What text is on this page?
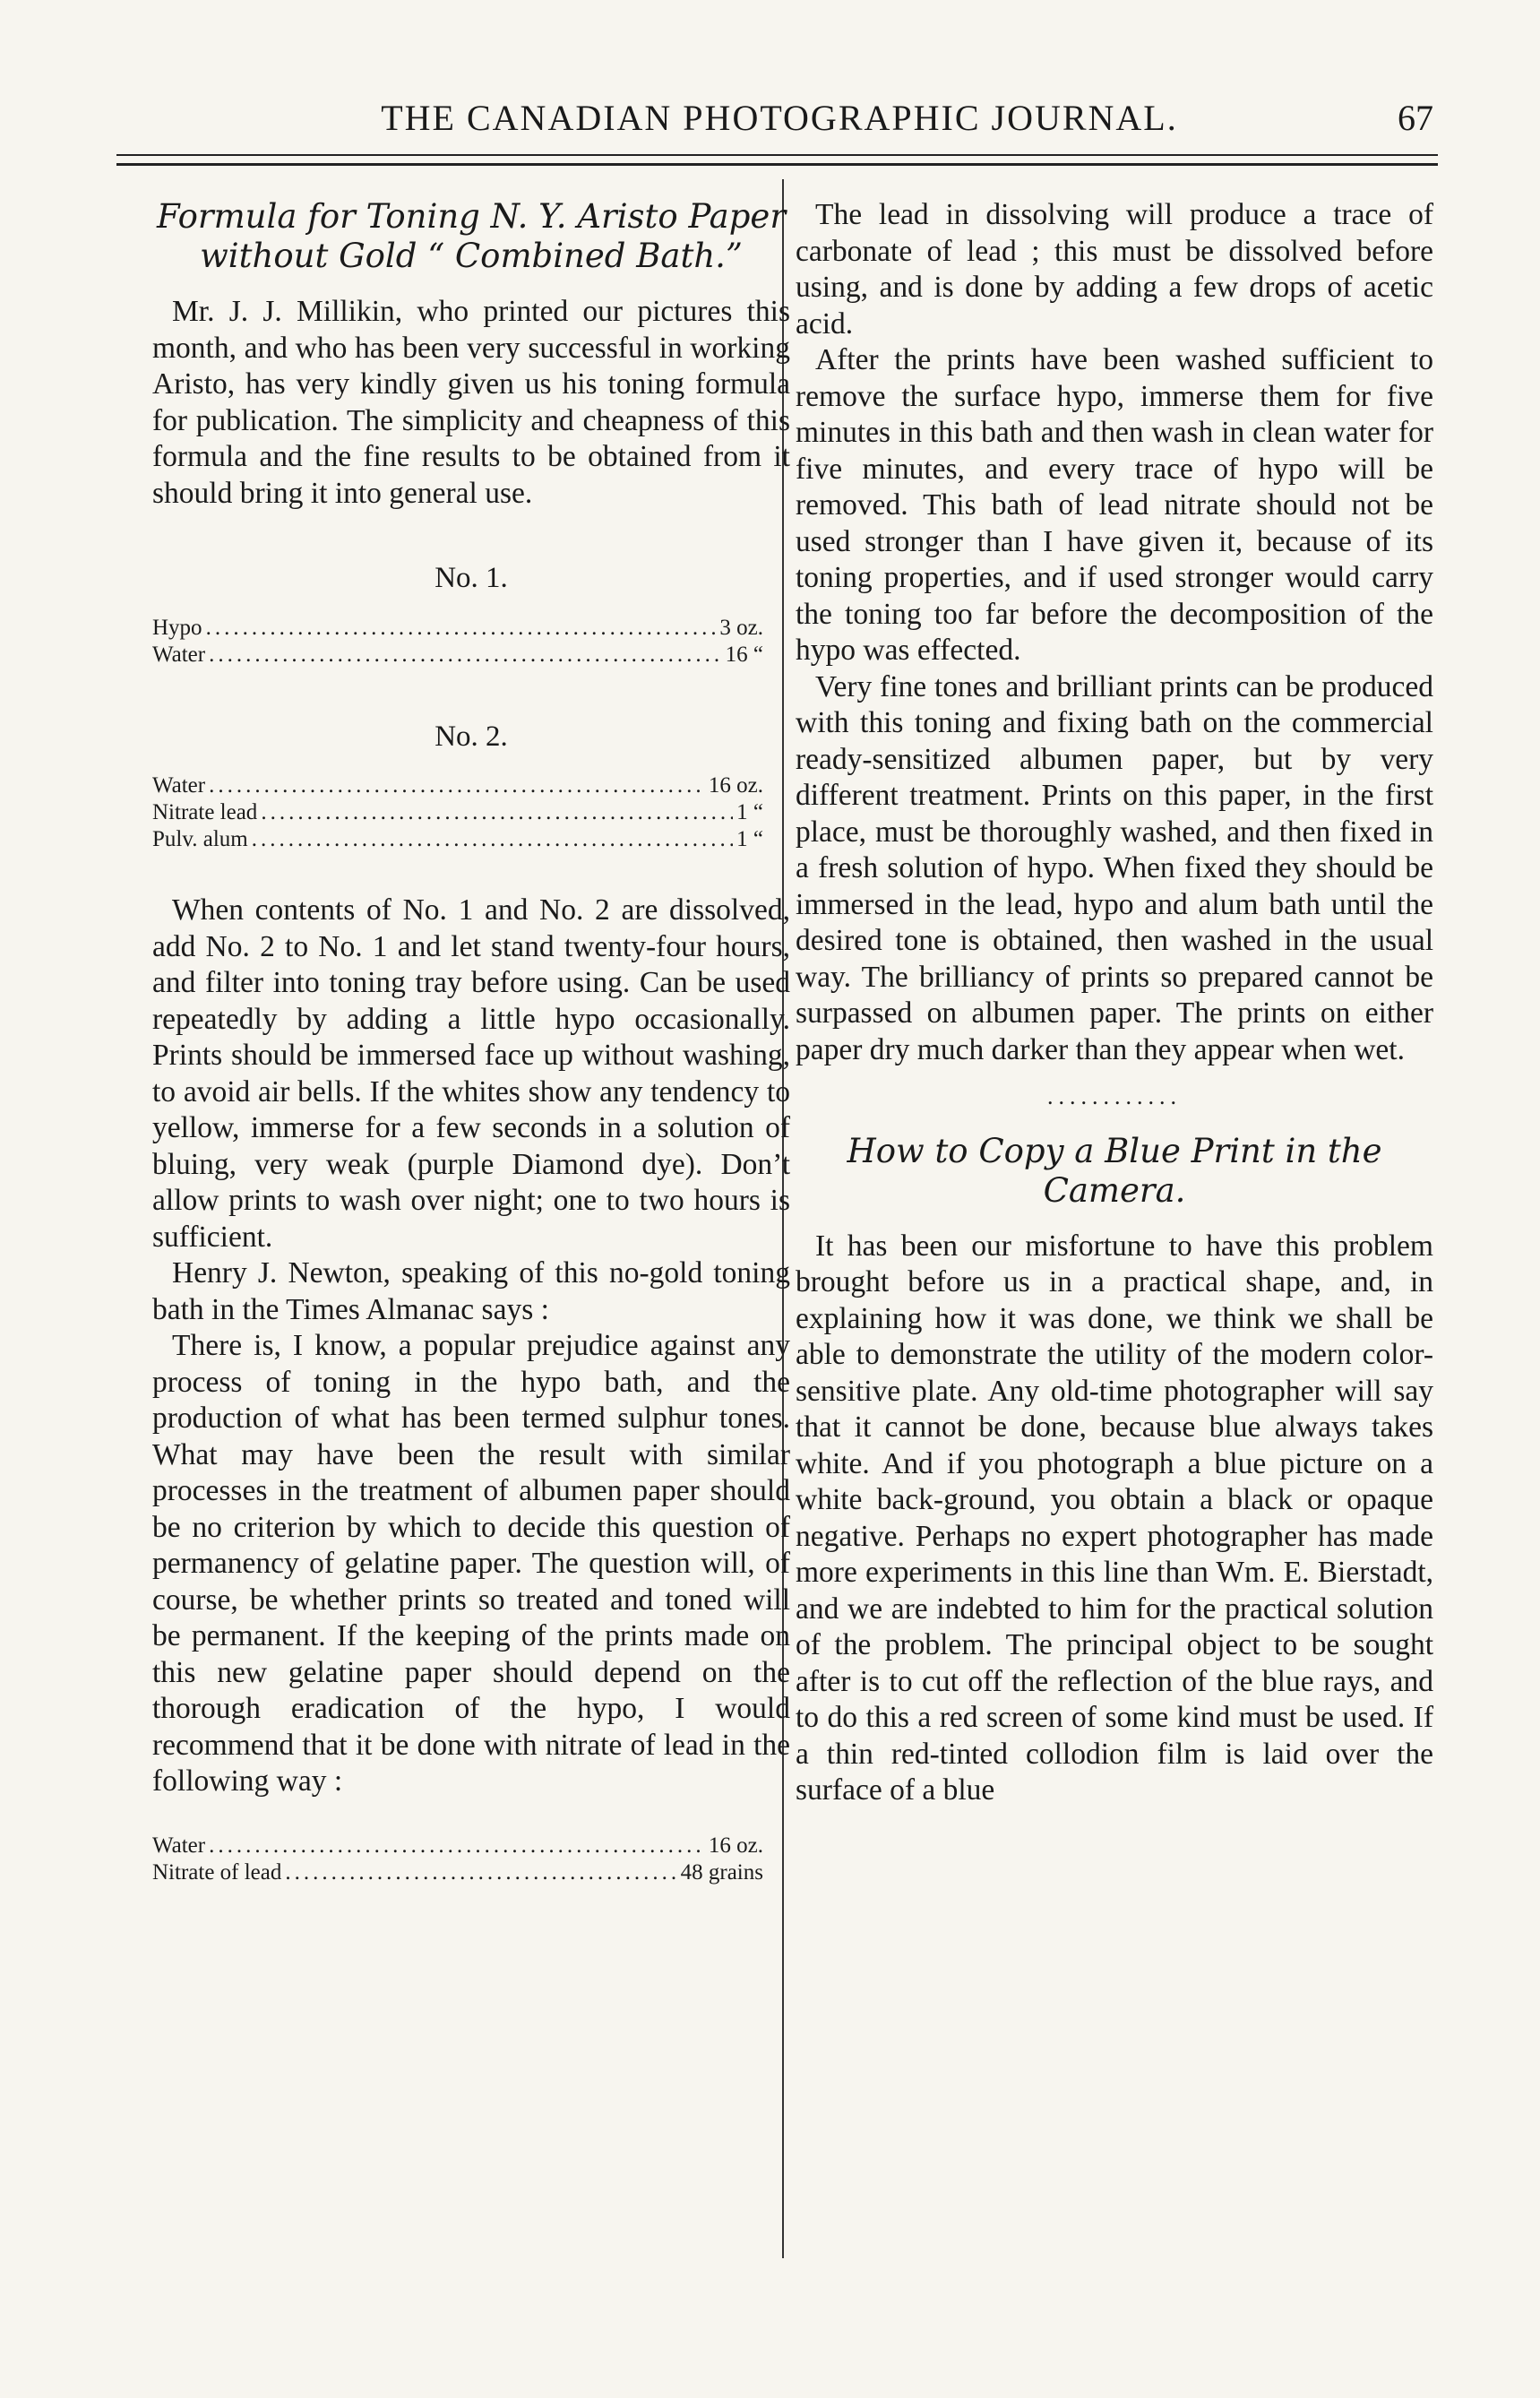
THE CANADIAN PHOTOGRAPHIC JOURNAL.	67
Formula for Toning N. Y. Aristo Paper without Gold “ Combined Bath.”

Mr. J. J. Millikin, who printed our pictures this month, and who has been very successful in working Aristo, has very kindly given us his toning formula for publication. The simplicity and cheapness of this formula and the fine results to be obtained from it should bring it into general use.

No. 1.
Hypo .....	3 oz.
Water .....	16 “
No. 2.
Water .....	16 oz.
Nitrate lead .....	1 “
Pulv. alum .....	1 “

When contents of No. 1 and No. 2 are dissolved, add No. 2 to No. 1 and let stand twenty-four hours, and filter into toning tray before using. Can be used repeatedly by adding a little hypo occasionally. Prints should be immersed face up without washing, to avoid air bells. If the whites show any tendency to yellow, immerse for a few seconds in a solution of bluing, very weak (purple Diamond dye). Don’t allow prints to wash over night; one to two hours is sufficient.

Henry J. Newton, speaking of this no-gold toning bath in the Times Almanac says :

There is, I know, a popular prejudice against any process of toning in the hypo bath, and the production of what has been termed sulphur tones. What may have been the result with similar processes in the treatment of albumen paper should be no criterion by which to decide this question of permanency of gelatine paper. The question will, of course, be whether prints so treated and toned will be permanent. If the keeping of the prints made on this new gelatine paper should depend on the thorough eradication of the hypo, I would recommend that it be done with nitrate of lead in the following way :

Water .....	16 oz.
Nitrate of lead .....	48 grains

The lead in dissolving will produce a trace of carbonate of lead ; this must be dissolved before using, and is done by adding a few drops of acetic acid.

After the prints have been washed sufficient to remove the surface hypo, immerse them for five minutes in this bath and then wash in clean water for five minutes, and every trace of hypo will be removed. This bath of lead nitrate should not be used stronger than I have given it, because of its toning properties, and if used stronger would carry the toning too far before the decomposition of the hypo was effected.

Very fine tones and brilliant prints can be produced with this toning and fixing bath on the commercial ready-sensitized albumen paper, but by very different treatment. Prints on this paper, in the first place, must be thoroughly washed, and then fixed in a fresh solution of hypo. When fixed they should be immersed in the lead, hypo and alum bath until the desired tone is obtained, then washed in the usual way. The brilliancy of prints so prepared cannot be surpassed on albumen paper. The prints on either paper dry much darker than they appear when wet.

............
How to Copy a Blue Print in the Camera.

It has been our misfortune to have this problem brought before us in a practical shape, and, in explaining how it was done, we think we shall be able to demonstrate the utility of the modern color-sensitive plate. Any old-time photographer will say that it cannot be done, because blue always takes white. And if you photograph a blue picture on a white back-ground, you obtain a black or opaque negative. Perhaps no expert photographer has made more experiments in this line than Wm. E. Bierstadt, and we are indebted to him for the practical solution of the problem. The principal object to be sought after is to cut off the reflection of the blue rays, and to do this a red screen of some kind must be used. If a thin red-tinted collodion film is laid over the surface of a blue
